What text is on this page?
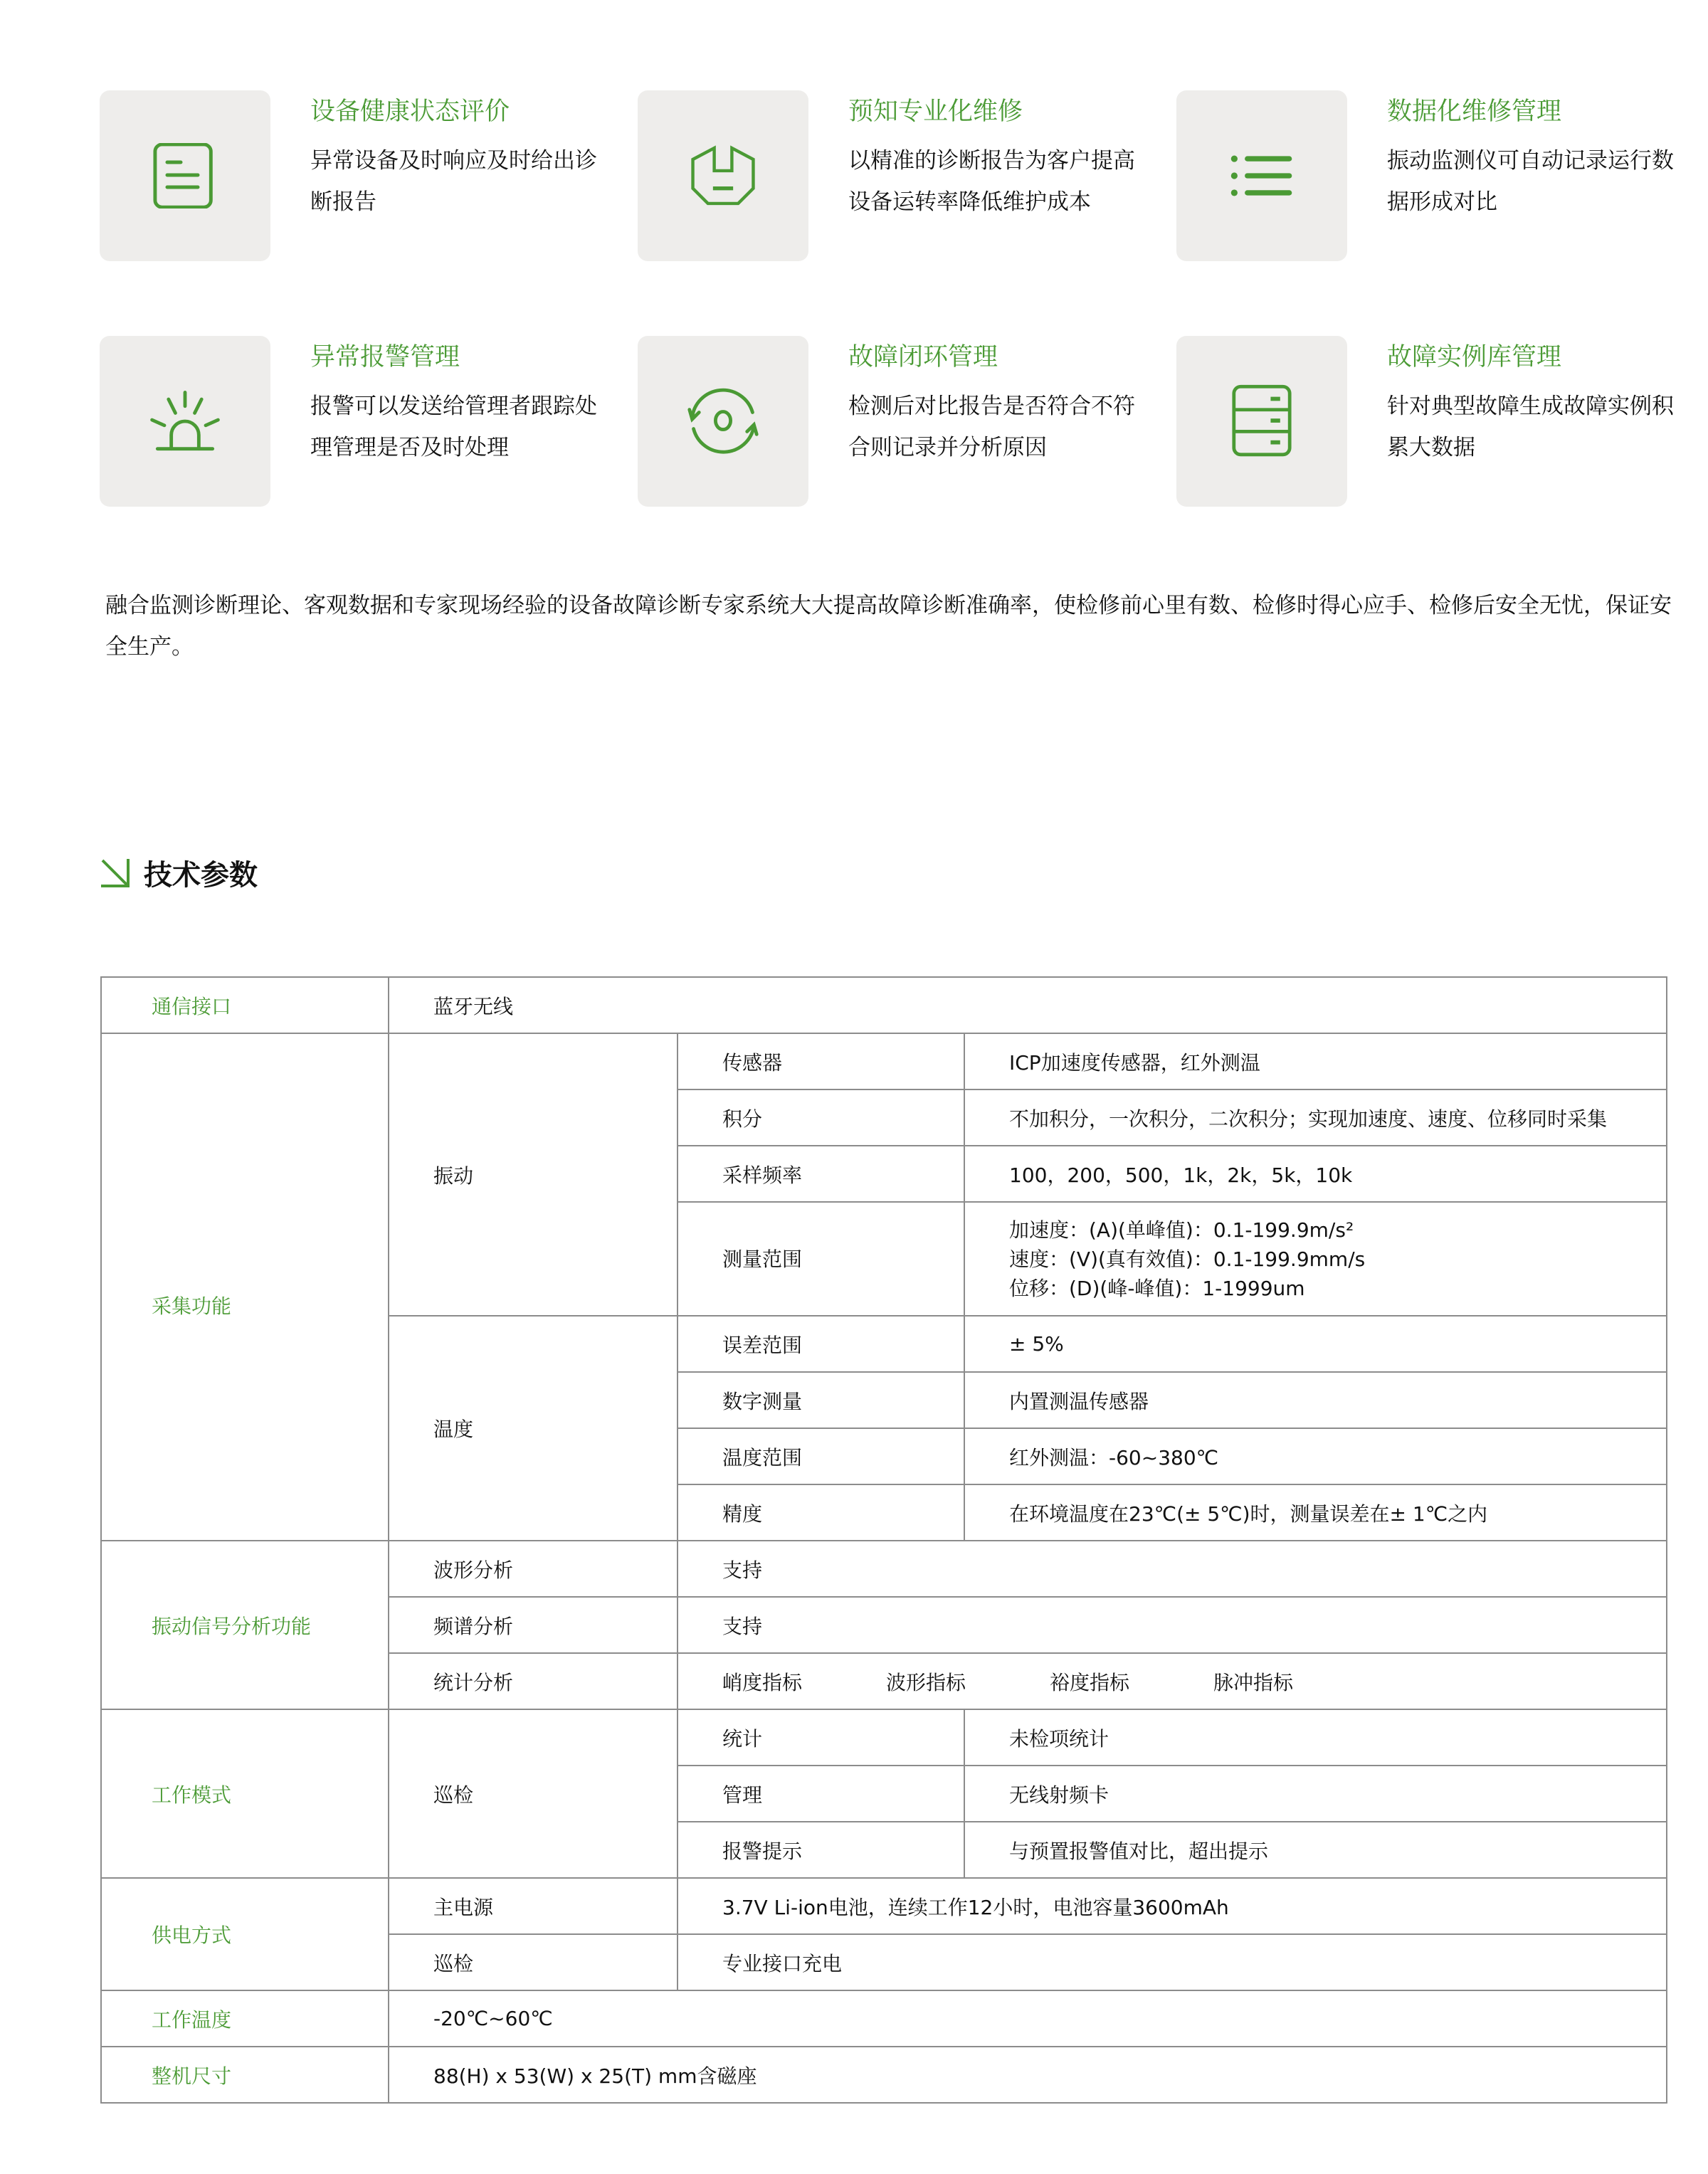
设备健康状态评价
异常设备及时响应及时给出诊断报告
预知专业化维修
以精准的诊断报告为客户提高设备运转率降低维护成本
数据化维修管理
振动监测仪可自动记录运行数据形成对比
异常报警管理
报警可以发送给管理者跟踪处理管理是否及时处理
故障闭环管理
检测后对比报告是否符合不符合则记录并分析原因
故障实例库管理
针对典型故障生成故障实例积累大数据
融合监测诊断理论、客观数据和专家现场经验的设备故障诊断专家系统大大提高故障诊断准确率，使检修前心里有数、检修时得心应手、检修后安全无忧，保证安全生产。
技术参数
通信接口	蓝牙无线		
采集功能	振动	传感器	ICP加速度传感器，红外测温
		积分	不加积分，一次积分，二次积分；实现加速度、速度、位移同时采集
		采样频率	100，200，500，1k，2k，5k，10k
		测量范围	加速度：(A)(单峰值)：0.1-199.9m/s²
速度：(V)(真有效值)：0.1-199.9mm/s
位移：(D)(峰-峰值)：1-1999um

	温度	误差范围	± 5%
		数字测量	内置测温传感器
		温度范围	红外测温：-60~380℃
		精度	在环境温度在23℃(± 5℃)时，测量误差在± 1℃之内
振动信号分析功能	波形分析	支持	
	频谱分析	支持	
	统计分析	峭度指标 波形指标 裕度指标 脉冲指标	
工作模式	巡检	统计	未检项统计
		管理	无线射频卡
		报警提示	与预置报警值对比，超出提示
供电方式	主电源	3.7V Li-ion电池，连续工作12小时，电池容量3600mAh	
	巡检	专业接口充电	
工作温度	-20℃~60℃		
整机尺寸	88(H) x 53(W) x 25(T) mm含磁座		
